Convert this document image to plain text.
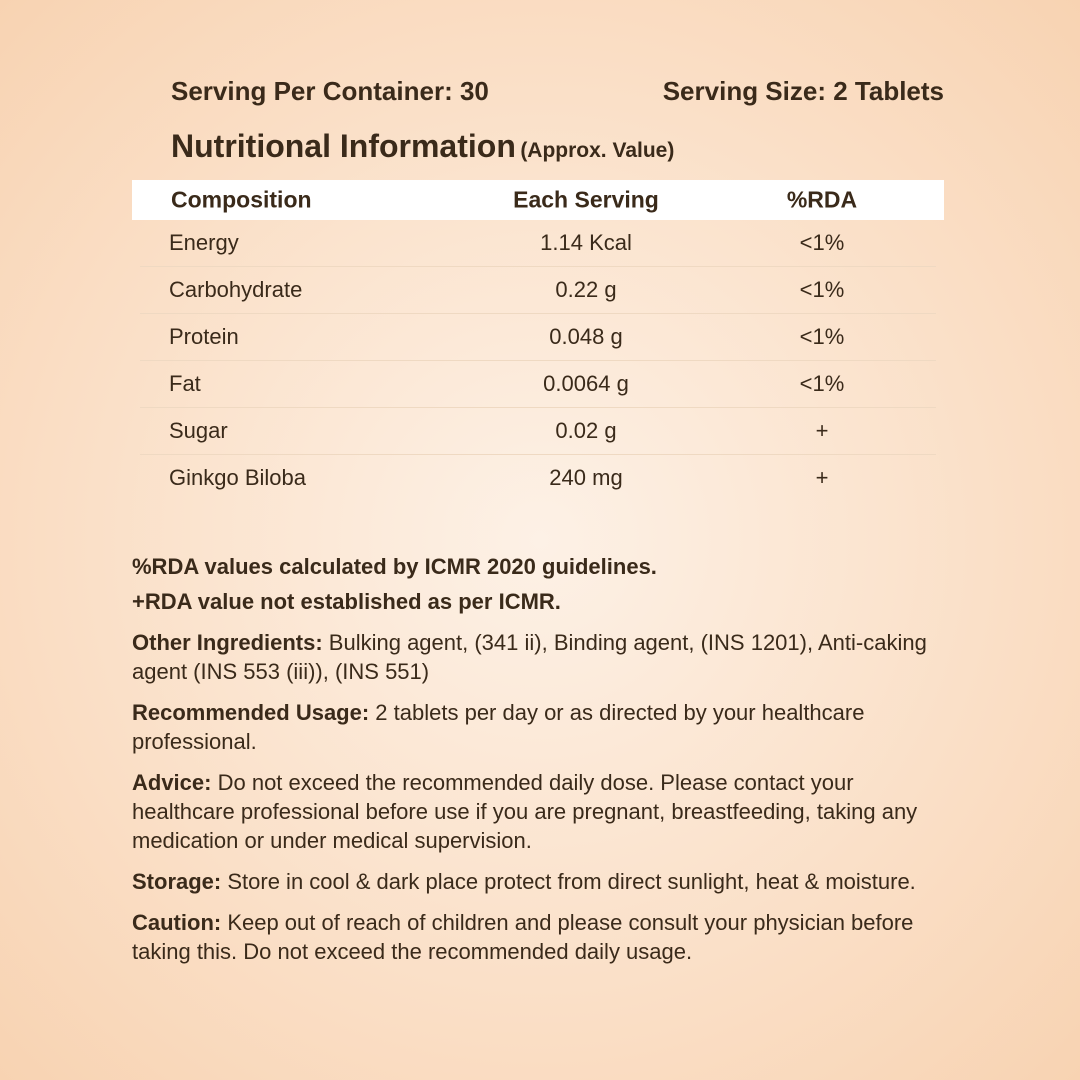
Serving Per Container: 30	Serving Size: 2 Tablets
Nutritional Information (Approx. Value)
Composition	Each Serving	%RDA
Energy	1.14 Kcal	<1%
Carbohydrate	0.22 g	<1%
Protein	0.048 g	<1%
Fat	0.0064 g	<1%
Sugar	0.02 g	+
Ginkgo Biloba	240 mg	+
%RDA values calculated by ICMR 2020 guidelines.
+RDA value not established as per ICMR.

Other Ingredients: Bulking agent, (341 ii), Binding agent, (INS 1201), Anti-caking agent (INS 553 (iii)), (INS 551)

Recommended Usage: 2 tablets per day or as directed by your healthcare professional.

Advice: Do not exceed the recommended daily dose. Please contact your healthcare professional before use if you are pregnant, breastfeeding, taking any medication or under medical supervision.

Storage: Store in cool & dark place protect from direct sunlight, heat & moisture.

Caution: Keep out of reach of children and please consult your physician before taking this. Do not exceed the recommended daily usage.
